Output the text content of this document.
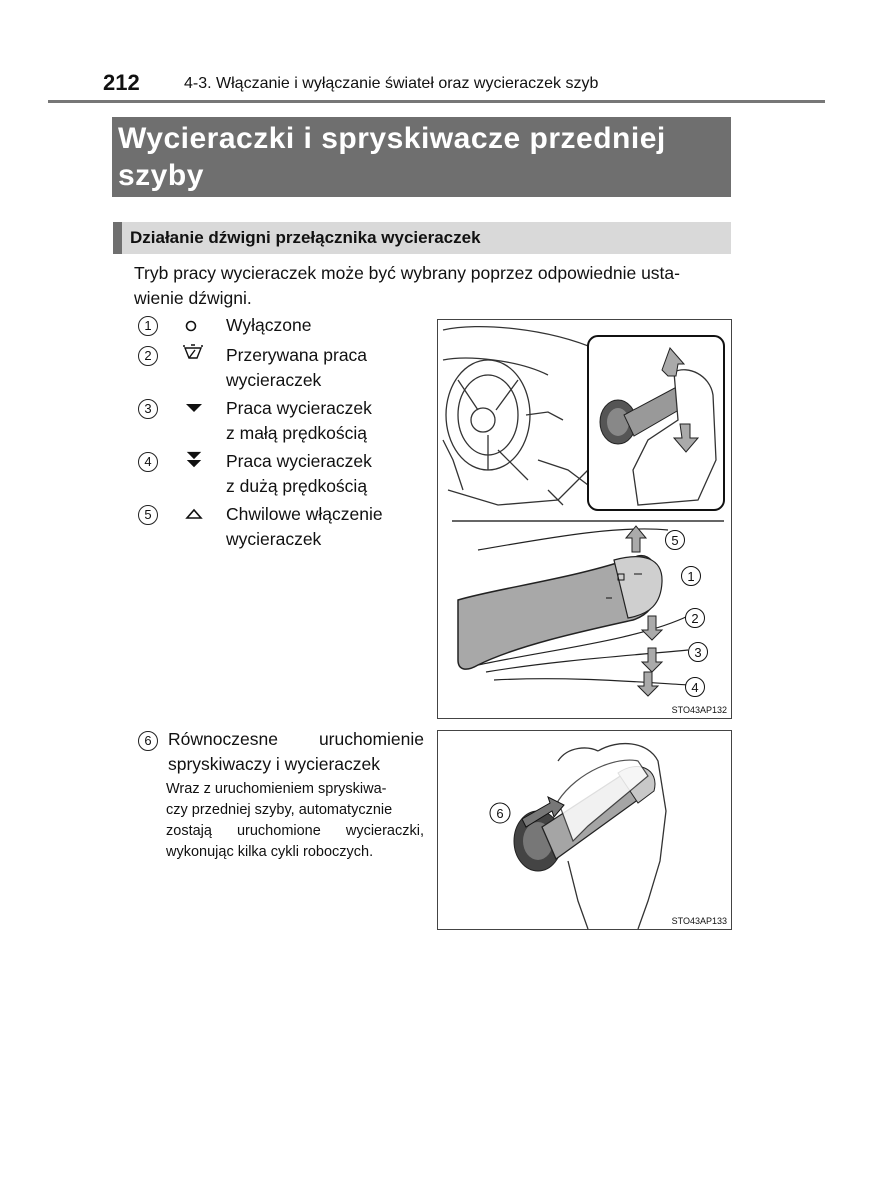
212	4-3. Włączanie i wyłączanie świateł oraz wycieraczek szyb
Wycieraczki i spryskiwacze przedniej
szyby
Działanie dźwigni przełącznika wycieraczek
Tryb pracy wycieraczek może być wybrany poprzez odpowiednie usta-
wienie dźwigni.
1	Wyłączone
2	Przerywana praca
wycieraczek
3	Praca wycieraczek
z małą prędkością
4	Praca wycieraczek
z dużą prędkością
5	Chwilowe włączenie
wycieraczek	5
1
2
3
4
STO43AP132
6 Równoczesne uruchomienie
spryskiwaczy i wycieraczek
Wraz z uruchomieniem spryskiwa-
czy przedniej szyby, automatycznie
zostają uruchomione wycieraczki,
wykonując kilka cykli roboczych.
6
STO43AP133
